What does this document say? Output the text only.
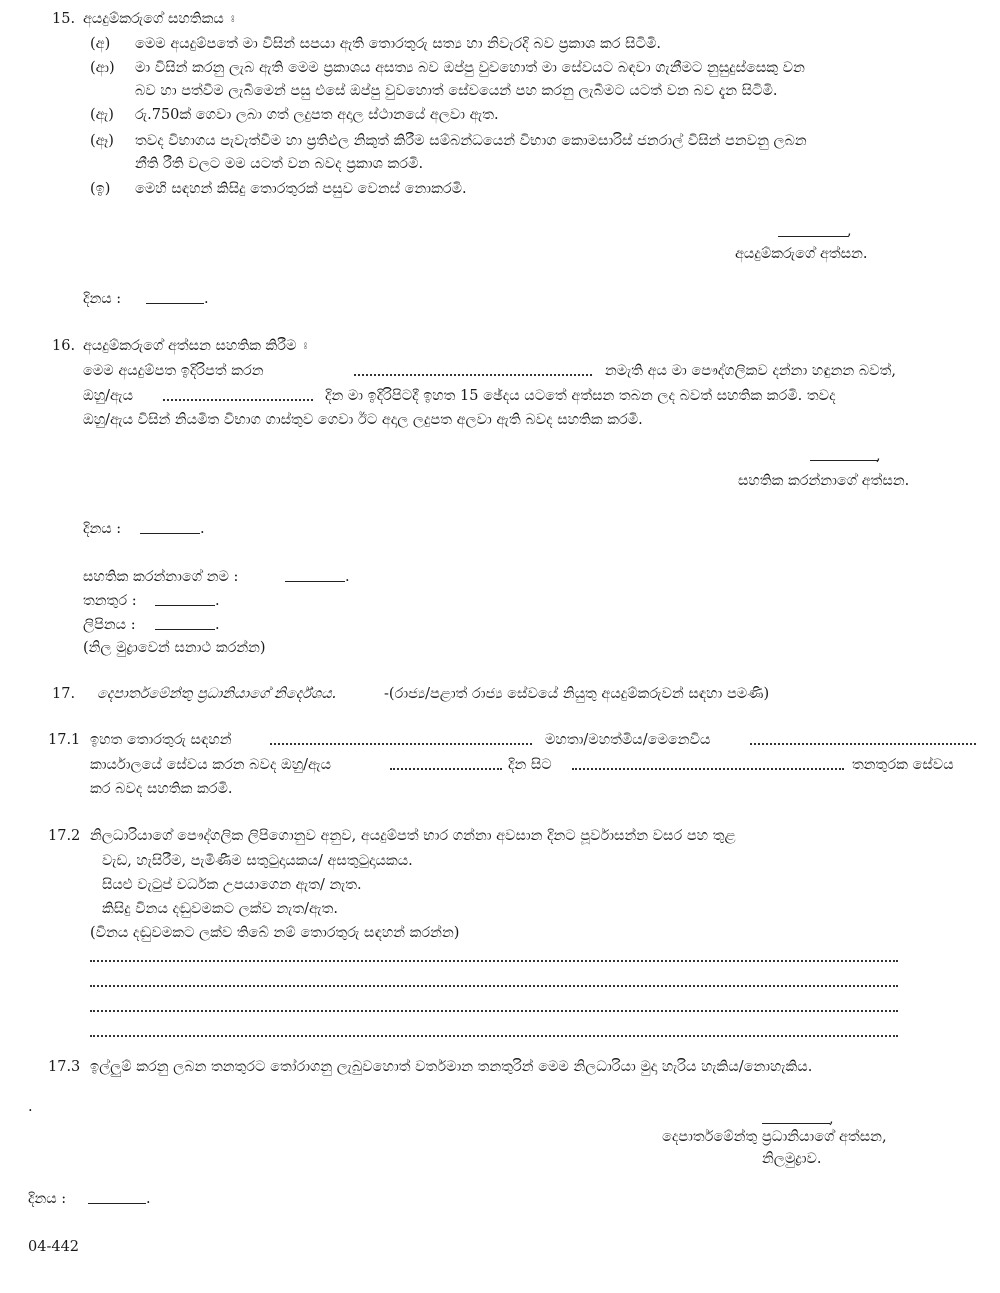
15. අයදුම්කරුගේ සහතිකය ඃ
(අ) මෙම අයදුම්පතේ මා විසින් සපයා ඇති තොරතුරු සත්‍ය හා නිවැරදි බව ප්‍රකාශ කර සිටිමි.
(ආ) මා විසින් කරනු ලැබ ඇති මෙම ප්‍රකාශය අසත්‍ය බව ඔප්පු වුවහොත් මා සේවයට බඳවා ගැනීමට නුසුදුස්සෙකු වන
බව හා පත්වීම ලැබීමෙන් පසු එසේ ඔප්පු වුවහොත් සේවයෙන් පහ කරනු ලැබීමට යටත් වන බව දැන සිටිමි.
(ඇ) රු.750ක් ගෙවා ලබා ගත් ලදුපත අදාල ස්ථානයේ අලවා ඇත.
(ඈ) තවද විභාගය පැවැත්වීම හා ප්‍රතිඵල නිකුත් කිරීම සම්බන්ධයෙන් විභාග කොමසාරිස් ජනරාල් විසින් පනවනු ලබන
නීති රීති වලට මම යටත් වන බවද ප්‍රකාශ කරමි.
(ඉ) මෙහි සඳහන් කිසිදු තොරතුරක් පසුව වෙනස් නොකරමි.
,
අයදුම්කරුගේ අත්සන.
දිනය :	.
16. අයදුම්කරුගේ අත්සන සහතික කිරීම ඃ
මෙම අයදුම්පත ඉදිරිපත් කරන	නමැති අය මා පෞද්ගලිකව දන්නා හඳුනන බවත්,
ඔහු/ඇය	දින මා ඉදිරිපිටදී ඉහත 15 ඡේදය යටතේ අත්සන තබන ලද බවත් සහතික කරමි. තවද
ඔහු/ඇය විසින් නියමිත විභාග ගාස්තුව ගෙවා ඊට අදාල ලදුපත අලවා ඇති බවද සහතික කරමි.
,
සහතික කරන්නාගේ අත්සන.
දිනය :	.
සහතික කරන්නාගේ නම :	.
තනතුර :	.
ලිපිනය :	.
(නිල මුද්‍රාවෙන් සනාථ කරන්න)
17. දෙපාර්තමේන්තු ප්‍රධානියාගේ නිර්දේශය.	-(රාජ්‍ය/පළාත් රාජ්‍ය සේවයේ නියුතු අයදුම්කරුවන් සඳහා පමණි)
17.1 ඉහත තොරතුරු සඳහන්	මහතා/මහත්මිය/මෙනෙවිය
කාර්යාලයේ සේවය කරන බවද ඔහු/ඇය	දින සිට	තනතුරක සේවය
කර බවද සහතික කරමි.
17.2 නිලධාරියාගේ පෞද්ගලික ලිපිගොනුව අනුව, අයදුම්පත් භාර ගන්නා අවසාන දිනට පූර්වාසන්න වසර පහ තුළ
වැඩ, හැසිරීම, පැමිණීම සතුටුදායකය/ අසතුටුදායකය.
සියළු වැටුප් වර්ධක උපයාගෙන ඇත/ නැත.
කිසිදු විනය දඬුවමකට ලක්ව නැත/ඇත.
(විනය දඬුවමකට ලක්ව තිබේ නම් තොරතුරු සඳහන් කරන්න)
17.3 ඉල්ලුම් කරනු ලබන තනතුරට තෝරාගනු ලැබුවහොත් වර්තමාන තනතුරින් මෙම නිලධාරියා මුදා හැරිය හැකිය/නොහැකිය.
.
,
දෙපාර්තමේන්තු ප්‍රධානියාගේ අත්සන,
නිලමුද්‍රාව.
දිනය :	.
04-442
